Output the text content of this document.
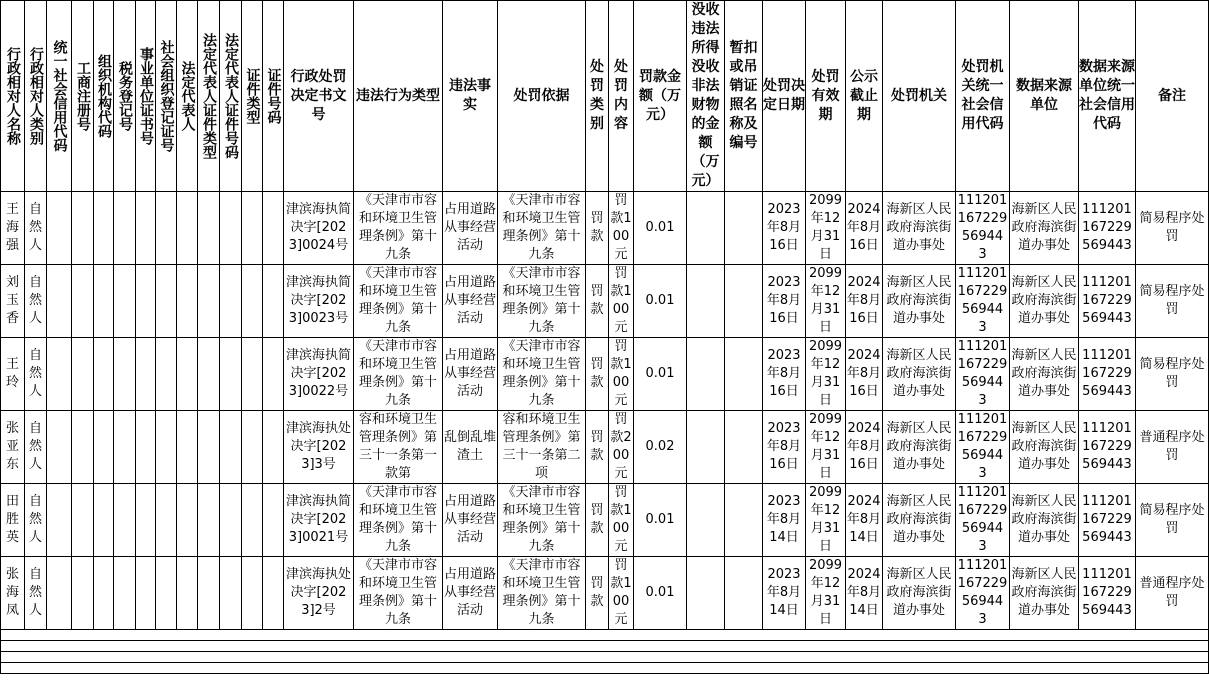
行政相对人名称	行政相对人类别	统一社会信用代码	工商注册号	组织机构代码	税务登记号	事业单位证书号	社会组织登记证号	法定代表人	法定代表人证件类型	法定代表人证件号码	证件类型	证件号码	行政处罚决定书文号	违法行为类型	违法事实	处罚依据	处罚类别	处罚内容	罚款金额（万元）	没收违法所得没收非法财物的金额（万元）	暂扣或吊销证照名称及编号	处罚决定日期	处罚有效期	公示截止期	处罚机关	处罚机关统一社会信用代码	数据来源单位	数据来源单位统一社会信用代码	备注
王海强	自然人												津滨海执简决字[2023]0024号	《天津市市容和环境卫生管理条例》第十九条	占用道路从事经营活动	《天津市市容和环境卫生管理条例》第十九条	罚款	罚款100元	0.01			2023年8月16日	2099年12月31日	2024年8月16日	海新区人民政府海滨街道办事处	11120116722956944 3	海新区人民政府海滨街道办事处	111201167229569443	简易程序处罚
刘玉香	自然人												津滨海执简决字[2023]0023号	《天津市市容和环境卫生管理条例》第十九条	占用道路从事经营活动	《天津市市容和环境卫生管理条例》第十九条	罚款	罚款100元	0.01			2023年8月16日	2099年12月31日	2024年8月16日	海新区人民政府海滨街道办事处	11120116722956944 3	海新区人民政府海滨街道办事处	111201167229569443	简易程序处罚
王玲	自然人												津滨海执简决字[2023]0022号	《天津市市容和环境卫生管理条例》第十九条	占用道路从事经营活动	《天津市市容和环境卫生管理条例》第十九条	罚款	罚款100元	0.01			2023年8月16日	2099年12月31日	2024年8月16日	海新区人民政府海滨街道办事处	11120116722956944 3	海新区人民政府海滨街道办事处	111201167229569443	简易程序处罚
张亚东	自然人												津滨海执处决字[2023]3号	容和环境卫生管理条例》第三十一条第一款第	乱倒乱堆渣土	容和环境卫生管理条例》第三十一条第二项	罚款	罚款200元	0.02			2023年8月16日	2099年12月31日	2024年8月16日	海新区人民政府海滨街道办事处	11120116722956944 3	海新区人民政府海滨街道办事处	111201167229569443	普通程序处罚
田胜英	自然人												津滨海执简决字[2023]0021号	《天津市市容和环境卫生管理条例》第十九条	占用道路从事经营活动	《天津市市容和环境卫生管理条例》第十九条	罚款	罚款100元	0.01			2023年8月14日	2099年12月31日	2024年8月14日	海新区人民政府海滨街道办事处	11120116722956944 3	海新区人民政府海滨街道办事处	111201167229569443	简易程序处罚
张海凤	自然人												津滨海执处决字[2023]2号	《天津市市容和环境卫生管理条例》第十九条	占用道路从事经营活动	《天津市市容和环境卫生管理条例》第十九条	罚款	罚款100元	0.01			2023年8月14日	2099年12月31日	2024年8月14日	海新区人民政府海滨街道办事处	11120116722956944 3	海新区人民政府海滨街道办事处	111201167229569443	普通程序处罚
